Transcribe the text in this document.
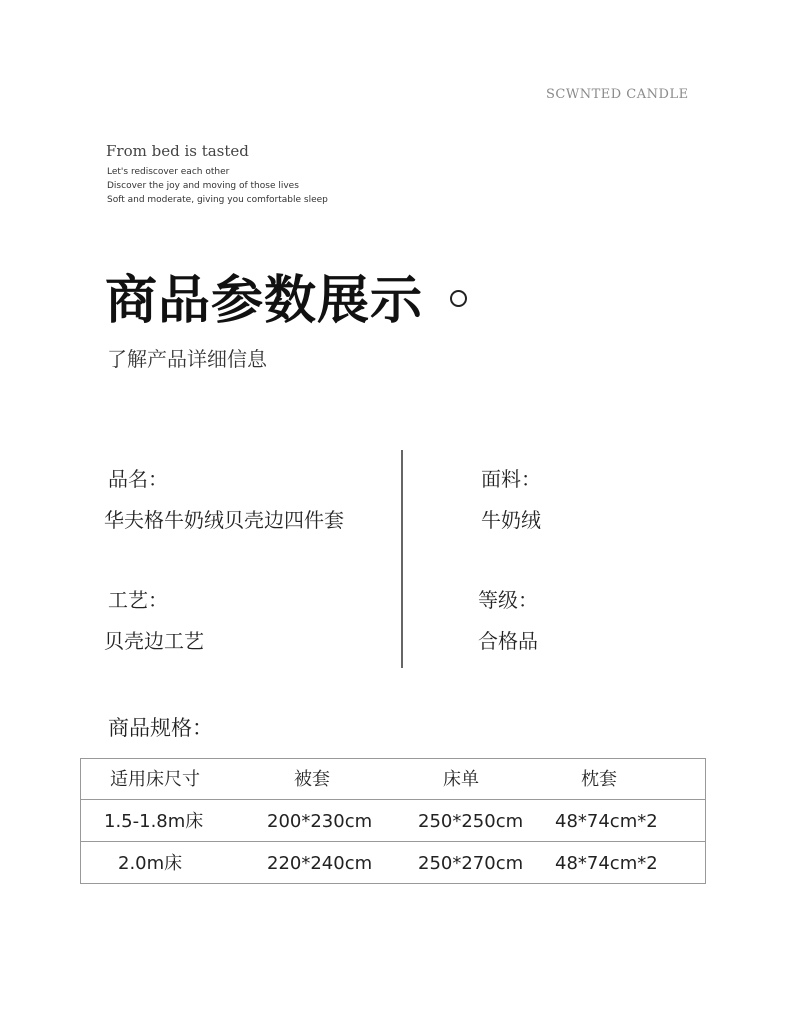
SCWNTED CANDLE
From bed is tasted
Let's rediscover each other
Discover the joy and moving of those lives
Soft and moderate, giving you comfortable sleep
商品参数展示
了解产品详细信息
品名：
华夫格牛奶绒贝壳边四件套
面料：
牛奶绒
工艺：
贝壳边工艺
等级：
合格品
商品规格：
适用床尺寸	被套	床单	枕套
1.5-1.8m床	200*230cm	250*250cm 48*74cm*2
2.0m床	220*240cm	250*270cm 48*74cm*2
